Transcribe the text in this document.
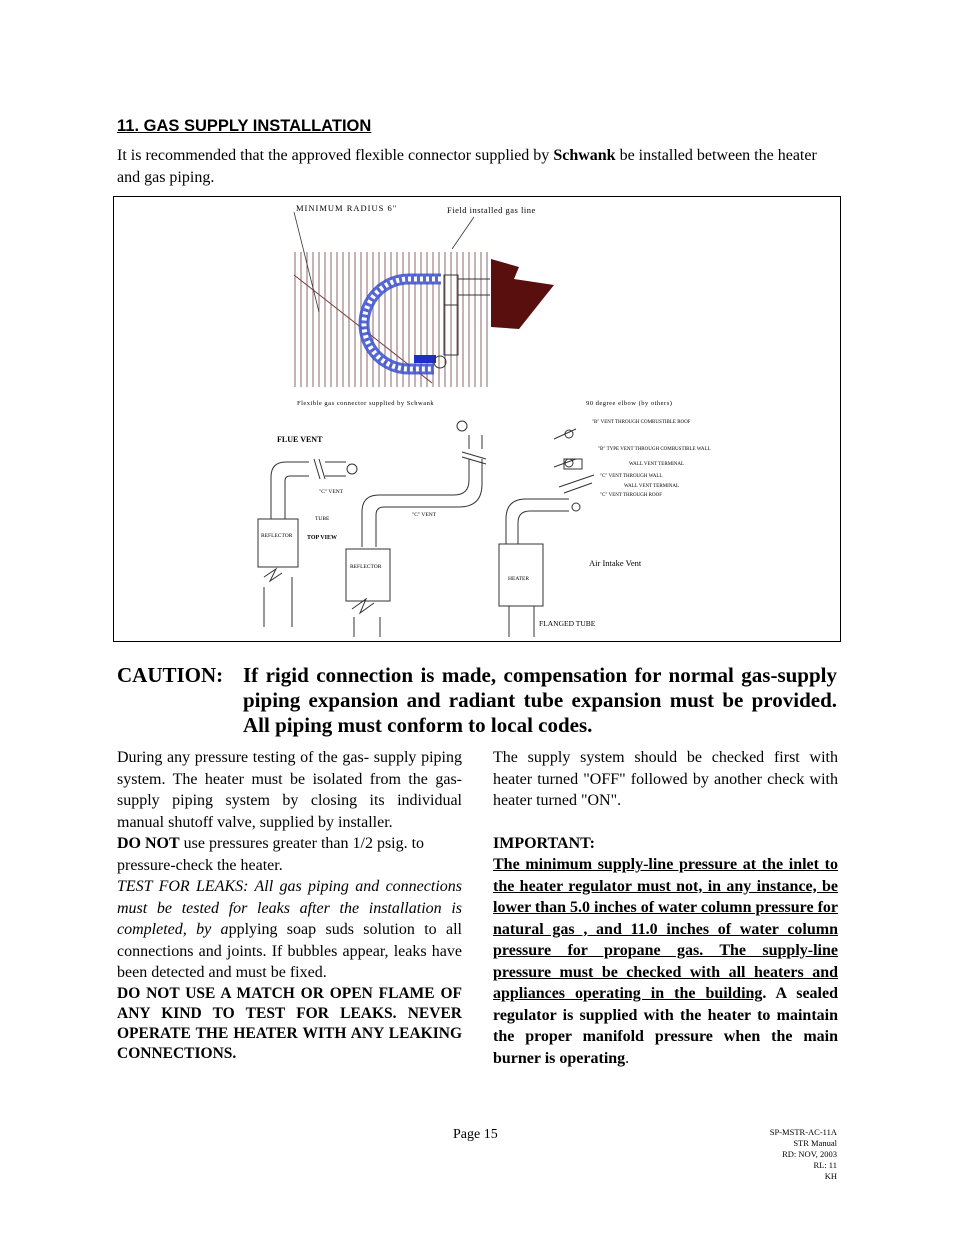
11. GAS SUPPLY INSTALLATION

It is recommended that the approved flexible connector supplied by Schwank be installed between the heater and gas piping.

MINIMUM RADIUS 6"	Field installed gas line
Flexible gas connector supplied by Schwank	90 degree elbow (by others)
FLUE VENT
"C" VENT
"C" VENT
TUBE
REFLECTOR
REFLECTOR
TOP VIEW
"B" VENT THROUGH COMBUSTIBLE ROOF
"B" TYPE VENT THROUGH COMBUSTIBLE WALL
WALL VENT TERMINAL
"C" VENT THROUGH WALL
WALL VENT TERMINAL
"C" VENT THROUGH ROOF
HEATER
Air Intake Vent
FLANGED TUBE
CAUTION: If rigid connection is made, compensation for normal gas-supply piping expansion and radiant tube expansion must be provided. All piping must conform to local codes.

During any pressure testing of the gas- supply piping system. The heater must be isolated from the gas-supply piping system by closing its individual manual shutoff valve, supplied by installer.

DO NOT use pressures greater than 1/2 psig. to pressure-check the heater.

TEST FOR LEAKS: All gas piping and connections must be tested for leaks after the installation is completed, by applying soap suds solution to all connections and joints. If bubbles appear, leaks have been detected and must be fixed.

DO NOT USE A MATCH OR OPEN FLAME OF ANY KIND TO TEST FOR LEAKS. NEVER OPERATE THE HEATER WITH ANY LEAKING CONNECTIONS.

The supply system should be checked first with heater turned "OFF" followed by another check with heater turned "ON".

IMPORTANT:

The minimum supply-line pressure at the inlet to the heater regulator must not, in any instance, be lower than 5.0 inches of water column pressure for natural gas , and 11.0 inches of water column pressure for propane gas. The supply-line pressure must be checked with all heaters and appliances operating in the building. A sealed regulator is supplied with the heater to maintain the proper manifold pressure when the main burner is operating.

Page 15	SP-MSTR-AC-11A
STR Manual
RD: NOV, 2003
RL: 11
KH
